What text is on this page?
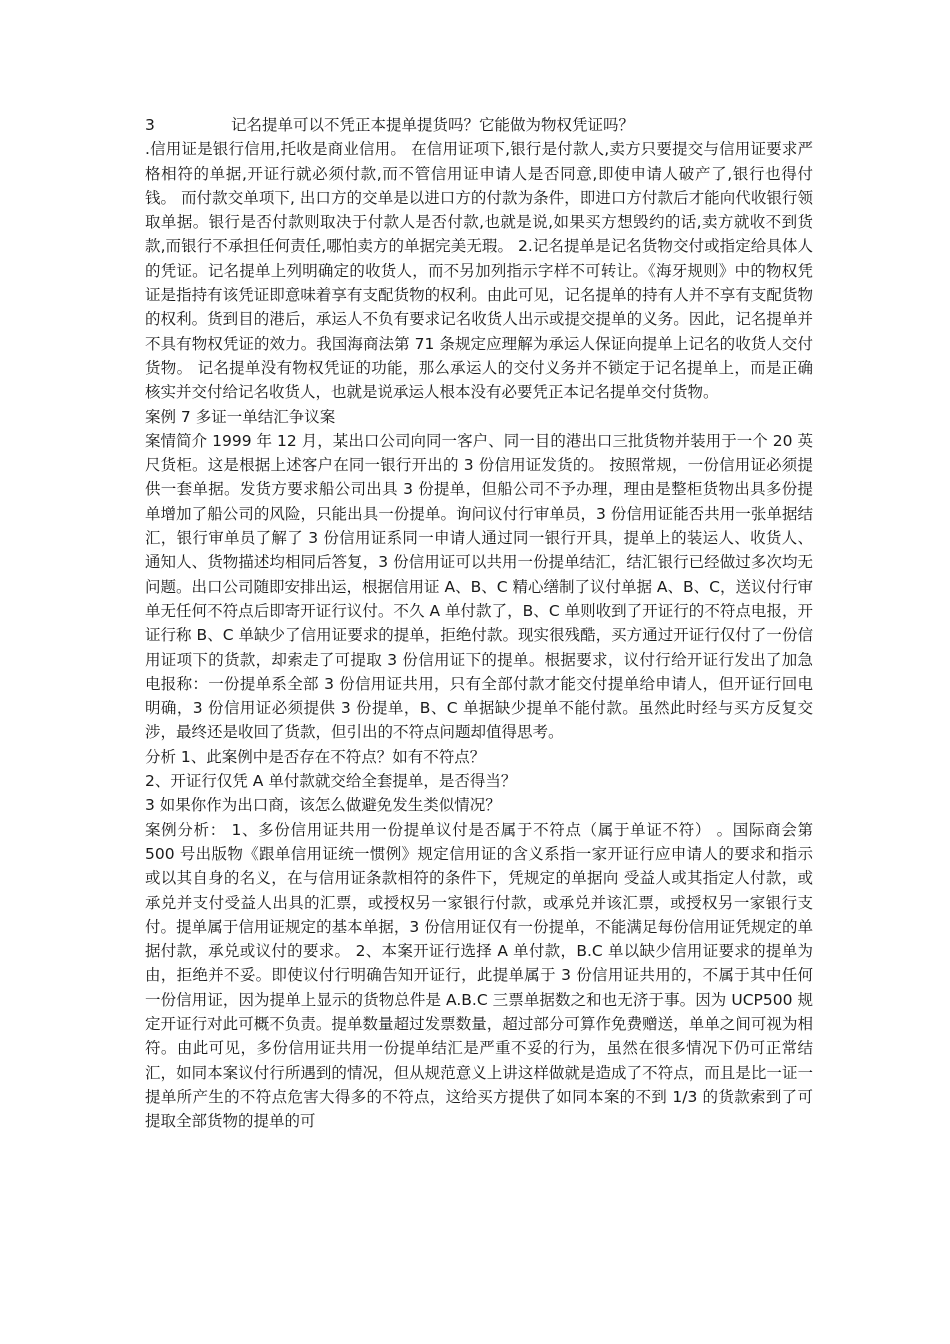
3	记名提单可以不凭正本提单提货吗？它能做为物权凭证吗？

.信用证是银行信用,托收是商业信用。 在信用证项下,银行是付款人,卖方只要提交与信用证要求严格相符的单据,开证行就必须付款,而不管信用证申请人是否同意,即使申请人破产了,银行也得付钱。 而付款交单项下, 出口方的交单是以进口方的付款为条件，即进口方付款后才能向代收银行领取单据。银行是否付款则取决于付款人是否付款,也就是说,如果买方想毁约的话,卖方就收不到货款,而银行不承担任何责任,哪怕卖方的单据完美无瑕。 2.记名提单是记名货物交付或指定给具体人的凭证。记名提单上列明确定的收货人，而不另加列指示字样不可转让。《海牙规则》中的物权凭证是指持有该凭证即意味着享有支配货物的权利。由此可见，记名提单的持有人并不享有支配货物的权利。货到目的港后，承运人不负有要求记名收货人出示或提交提单的义务。因此，记名提单并不具有物权凭证的效力。我国海商法第 71 条规定应理解为承运人保证向提单上记名的收货人交付货物。 记名提单没有物权凭证的功能，那么承运人的交付义务并不锁定于记名提单上，而是正确核实并交付给记名收货人，也就是说承运人根本没有必要凭正本记名提单交付货物。

案例 7 多证一单结汇争议案

案情简介 1999 年 12 月，某出口公司向同一客户、同一目的港出口三批货物并装用于一个 20 英尺货柜。这是根据上述客户在同一银行开出的 3 份信用证发货的。 按照常规，一份信用证必须提供一套单据。发货方要求船公司出具 3 份提单，但船公司不予办理，理由是整柜货物出具多份提单增加了船公司的风险，只能出具一份提单。询问议付行审单员，3 份信用证能否共用一张单据结汇，银行审单员了解了 3 份信用证系同一申请人通过同一银行开具，提单上的装运人、收货人、通知人、货物描述均相同后答复，3 份信用证可以共用一份提单结汇，结汇银行已经做过多次均无问题。出口公司随即安排出运，根据信用证 A、B、C 精心缮制了议付单据 A、B、C，送议付行审单无任何不符点后即寄开证行议付。不久 A 单付款了，B、C 单则收到了开证行的不符点电报，开证行称 B、C 单缺少了信用证要求的提单，拒绝付款。现实很残酷，买方通过开证行仅付了一份信用证项下的货款，却索走了可提取 3 份信用证下的提单。根据要求，议付行给开证行发出了加急电报称：一份提单系全部 3 份信用证共用，只有全部付款才能交付提单给申请人，但开证行回电明确，3 份信用证必须提供 3 份提单，B、C 单据缺少提单不能付款。虽然此时经与买方反复交涉，最终还是收回了货款，但引出的不符点问题却值得思考。

分析 1、此案例中是否存在不符点？如有不符点？

2、开证行仅凭 A 单付款就交给全套提单，是否得当？

3 如果你作为出口商，该怎么做避免发生类似情况？

案例分析： 1、多份信用证共用一份提单议付是否属于不符点（属于单证不符） 。国际商会第 500 号出版物《跟单信用证统一惯例》规定信用证的含义系指一家开证行应申请人的要求和指示或以其自身的名义，在与信用证条款相符的条件下，凭规定的单据向 受益人或其指定人付款，或承兑并支付受益人出具的汇票，或授权另一家银行付款，或承兑并该汇票，或授权另一家银行支付。提单属于信用证规定的基本单据，3 份信用证仅有一份提单，不能满足每份信用证凭规定的单据付款，承兑或议付的要求。 2、本案开证行选择 A 单付款，B.C 单以缺少信用证要求的提单为由，拒绝并不妥。即使议付行明确告知开证行，此提单属于 3 份信用证共用的，不属于其中任何一份信用证，因为提单上显示的货物总件是 A.B.C 三票单据数之和也无济于事。因为 UCP500 规定开证行对此可概不负责。提单数量超过发票数量，超过部分可算作免费赠送，单单之间可视为相符。由此可见，多份信用证共用一份提单结汇是严重不妥的行为，虽然在很多情况下仍可正常结汇，如同本案议付行所遇到的情况，但从规范意义上讲这样做就是造成了不符点，而且是比一证一提单所产生的不符点危害大得多的不符点，这给买方提供了如同本案的不到 1/3 的货款索到了可提取全部货物的提单的可
